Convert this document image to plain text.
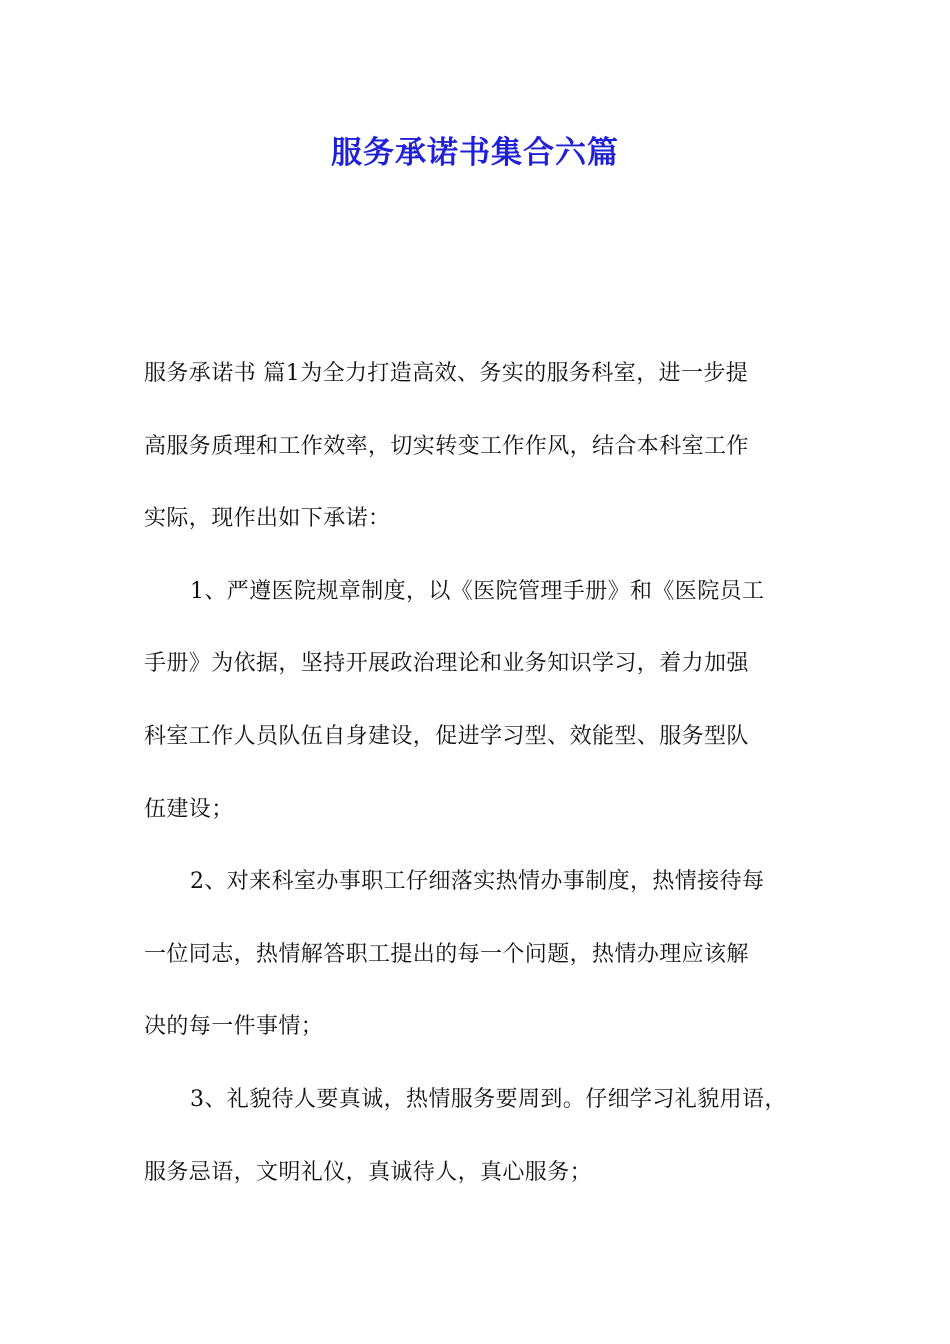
服务承诺书集合六篇
服务承诺书 篇1为全力打造高效、务实的服务科室，进一步提
高服务质理和工作效率，切实转变工作作风，结合本科室工作
实际，现作出如下承诺：
1、严遵医院规章制度，以《医院管理手册》和《医院员工
手册》为依据，坚持开展政治理论和业务知识学习，着力加强
科室工作人员队伍自身建设，促进学习型、效能型、服务型队
伍建设；
2、对来科室办事职工仔细落实热情办事制度，热情接待每
一位同志，热情解答职工提出的每一个问题，热情办理应该解
决的每一件事情；
3、礼貌待人要真诚，热情服务要周到。仔细学习礼貌用语，
服务忌语，文明礼仪，真诚待人，真心服务；
